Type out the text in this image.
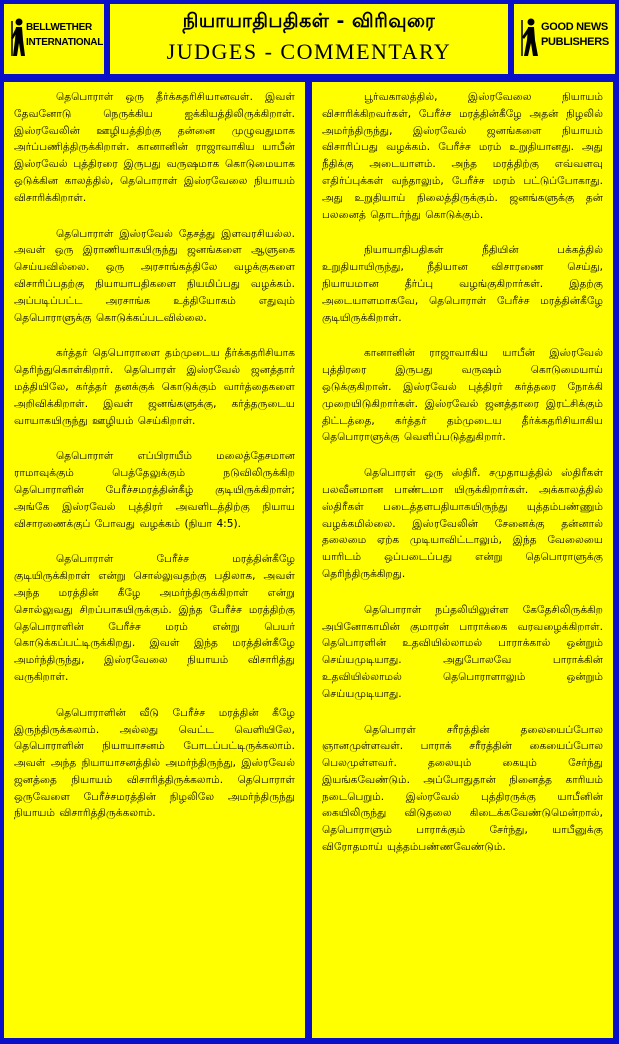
BELLWETHER
INTERNATIONAL
நியாயாதிபதிகள் - விரிவுரை
JUDGES - COMMENTARY
GOOD NEWS
PUBLISHERS

தெபொராள் ஒரு தீர்க்கதரிசியானவள். இவள் தேவனோடு நெருக்கிய ஐக்கியத்திலிருக்கிறாள். இஸ்ரவேலின் ஊழியத்திற்கு தன்னை முழுவதுமாக அர்ப்பணித்திருக்கிறாள். கானானின் ராஜாவாகிய யாபீன் இஸ்ரவேல் புத்திரரை இருபது வருஷமாக கொடுமையாக ஒடுக்கின காலத்தில், தெபொராள் இஸ்ரவேலை நியாயம் விசாரிக்கிறாள்.

தெபொராள் இஸ்ரவேல் தேசத்து இளவரசியல்ல. அவள் ஒரு இராணியாகயிருந்து ஜனங்களை ஆளுகை செய்யவில்லை. ஒரு அரசாங்கத்திலே வழக்குகளை விசாரிப்பதற்கு நியாயாபதிகளை நியமிப்பது வழக்கம். அப்படிப்பட்ட அரசாங்க உத்தியோகம் எதுவும் தெபொராளுக்கு கொடுக்கப்படவில்லை.

கர்த்தர் தெபொராளை தம்முடைய தீர்க்கதரிசியாக தெரிந்துகொள்கிறார். தெபொரள் இஸ்ரவேல் ஜனத்தார் மத்தியிலே, கர்த்தர் தனக்குக் கொடுக்கும் வார்த்தைகளை அறிவிக்கிறாள். இவள் ஜனங்களுக்கு, கர்த்தருடைய வாயாகயிருந்து ஊழியம் செய்கிறாள்.

தெபொராள் எப்பிராயீம் மலைத்தேசமான ராமாவுக்கும் பெத்தேலுக்கும் நடுவிலிருக்கிற தெபொராளின் பேரீச்சமரத்தின்கீழ் குடியிருக்கிறாள்; அங்கே இஸ்ரவேல் புத்திரர் அவளிடத்திற்கு நியாய விசாரணைக்குப் போவது வழக்கம் (நியா 4:5).

தெபொராள் பேரீச்ச மரத்தின்கீழே குடியிருக்கிறாள் என்று சொல்லுவதற்கு பதிலாக, அவள் அந்த மரத்தின் கீழே அமர்ந்திருக்கிறாள் என்று சொல்லுவது சிறப்பாகயிருக்கும். இந்த பேரீச்ச மரத்திற்கு தெபொராளின் பேரீச்ச மரம் என்று பெயர் கொடுக்கப்பட்டிருக்கிறது. இவள் இந்த மரத்தின்கீழே அமர்ந்திருந்து, இஸ்ரவேலை நியாயம் விசாரித்து வருகிறாள்.

தெபொராளின் வீடு பேரீச்ச மரத்தின் கீழே இருந்திருக்கலாம். அல்லது வெட்ட வெளியிலே, தெபொராளின் நியாயாசனம் போடப்பட்டிருக்கலாம். அவள் அந்த நியாயாசனத்தில் அமர்ந்திருந்து, இஸ்ரவேல் ஜனத்தை நியாயம் விசாரித்திருக்கலாம். தெபொராள் ஒருவேளை பேரீச்சமரத்தின் நிழலிலே அமர்ந்திருந்து நியாயம் விசாரித்திருக்கலாம்.

பூர்வகாலத்தில், இஸ்ரவேலை நியாயம் விசாரிக்கிறவர்கள், பேரீச்ச மரத்தின்கீழே அதன் நிழலில் அமர்ந்திருந்து, இஸ்ரவேல் ஜனங்களை நியாயம் விசாரிப்பது வழக்கம். பேரீச்ச மரம் உறுதியானது. அது நீதிக்கு அடையாளம். அந்த மரத்திற்கு எவ்வளவு எதிர்ப்புக்கள் வந்தாலும், பேரீச்ச மரம் பட்டுப்போகாது. அது உறுதியாய் நிலைத்திருக்கும். ஜனங்களுக்கு தன் பலனைத் தொடர்ந்து கொடுக்கும்.

நியாயாதிபதிகள் நீதியின் பக்கத்தில் உறுதியாயிருந்து, நீதியான விசாரணை செய்து, நியாயமான தீர்ப்பு வழங்குகிறார்கள். இதற்கு அடையாளமாகவே, தெபொராள் பேரீச்ச மரத்தின்கீழே குடியிருக்கிறாள்.

கானானின் ராஜாவாகிய யாபீன் இஸ்ரவேல் புத்திரரை இருபது வருஷம் கொடுமையாய் ஒடுக்குகிறான். இஸ்ரவேல் புத்திரர் கர்த்தரை நோக்கி முறையிடுகிறார்கள். இஸ்ரவேல் ஜனத்தாரை இரட்சிக்கும் திட்டத்தை, கர்த்தர் தம்முடைய தீர்க்கதரிசியாகிய தெபொராளுக்கு வெளிப்படுத்துகிறார்.

தெபொரள் ஒரு ஸ்திரீ. சமுதாயத்தில் ஸ்திரீகள் பலவீனமான பாண்டமா யிருக்கிறார்கள். அக்காலத்தில் ஸ்திரீகள் படைத்தளபதியாகயிருந்து யுத்தம்பண்ணும் வழக்கமில்லை. இஸ்ரவேலின் சேனைக்கு தன்னால் தலைமை ஏற்க முடியாவிட்டாலும், இந்த வேலையை யாரிடம் ஒப்படைப்பது என்று தெபொராளுக்கு தெரிந்திருக்கிறது.

தெபொராள் நப்தலியிலுள்ள கேதேசிலிருக்கிற அபினோகாமின் குமாரன் பாராக்கை வரவழைக்கிறாள். தெபொரளின் உதவியில்லாமல் பாராக்கால் ஒன்றும் செய்யமுடியாது. அதுபோலவே பாராக்கின் உதவியில்லாமல் தெபொராளாலும் ஒன்றும் செய்யமுடியாது.

தெபொரள் சரீரத்தின் தலையைப்போல ஞானமுள்ளவள். பாராக் சரீரத்தின் கையைப்போல பெலமுள்ளவர். தலையும் கையும் சேர்ந்து இயங்கவேண்டும். அப்போதுதான் நினைத்த காரியம் நடைபெறும். இஸ்ரவேல் புத்திரருக்கு யாபீனின் கையிலிருந்து விடுதலை கிடைக்கவேண்டுமென்றால், தெபொராளும் பாராக்கும் சேர்ந்து, யாபீனுக்கு விரோதமாய் யுத்தம்பண்ணவேண்டும்.
